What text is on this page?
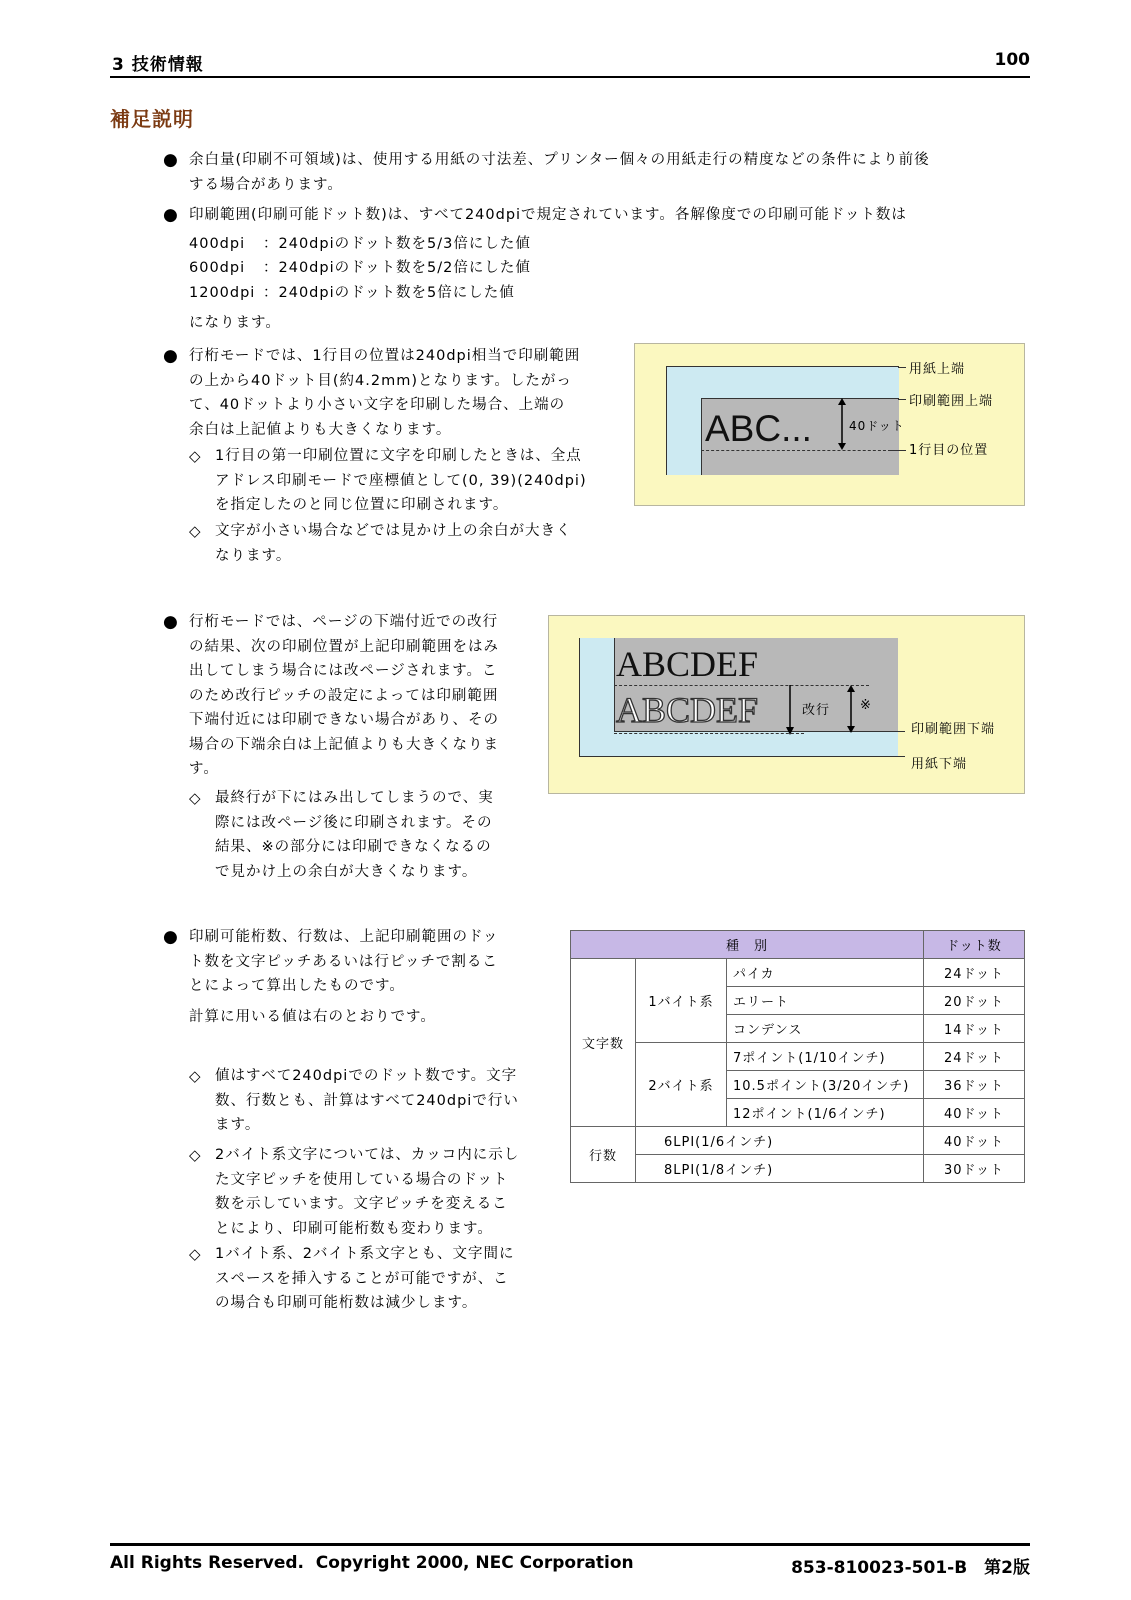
3 技術情報	100
補足説明
● 余白量(印刷不可領域)は、使用する用紙の寸法差、プリンター個々の用紙走行の精度などの条件により前後
する場合があります。
● 印刷範囲(印刷可能ドット数)は、すべて240dpiで規定されています。各解像度での印刷可能ドット数は
400dpi ：240dpiのドット数を5/3倍にした値
600dpi ：240dpiのドット数を5/2倍にした値
1200dpi ：240dpiのドット数を5倍にした値
になります。
● 行桁モードでは、1行目の位置は240dpi相当で印刷範囲
の上から40ドット目(約4.2mm)となります。したがっ
て、40ドットより小さい文字を印刷した場合、上端の
余白は上記値よりも大きくなります。
◇ 1行目の第一印刷位置に文字を印刷したときは、全点
アドレス印刷モードで座標値として(0, 39)(240dpi)
を指定したのと同じ位置に印刷されます。
◇ 文字が小さい場合などでは見かけ上の余白が大きく
なります。
ABC...	40ドット
用紙上端
印刷範囲上端
1行目の位置
● 行桁モードでは、ページの下端付近での改行
の結果、次の印刷位置が上記印刷範囲をはみ
出してしまう場合には改ページされます。こ
のため改行ピッチの設定によっては印刷範囲
下端付近には印刷できない場合があり、その
場合の下端余白は上記値よりも大きくなりま
す。
◇ 最終行が下にはみ出してしまうので、実
際には改ページ後に印刷されます。その
結果、※の部分には印刷できなくなるの
で見かけ上の余白が大きくなります。
ABCDEF
ABCDEF	改行 ※
印刷範囲下端
用紙下端
● 印刷可能桁数、行数は、上記印刷範囲のドッ
ト数を文字ピッチあるいは行ピッチで割るこ
とによって算出したものです。
計算に用いる値は右のとおりです。
◇ 値はすべて240dpiでのドット数です。文字
数、行数とも、計算はすべて240dpiで行い
ます。
◇ 2バイト系文字については、カッコ内に示し
た文字ピッチを使用している場合のドット
数を示しています。文字ピッチを変えるこ
とにより、印刷可能桁数も変わります。
◇ 1バイト系、2バイト系文字とも、文字間に
スペースを挿入することが可能ですが、こ
の場合も印刷可能桁数は減少します。
種　別			ドット数
文字数	1バイト系	パイカ	24ドット
		エリート	20ドット
		コンデンス	14ドット
	2バイト系	7ポイント(1/10インチ)	24ドット
		10.5ポイント(3/20インチ)	36ドット
		12ポイント(1/6インチ)	40ドット
行数	6LPI(1/6インチ)		40ドット
	8LPI(1/8インチ)		30ドット
All Rights Reserved.  Copyright 2000, NEC Corporation	853-810023-501-B　第2版
